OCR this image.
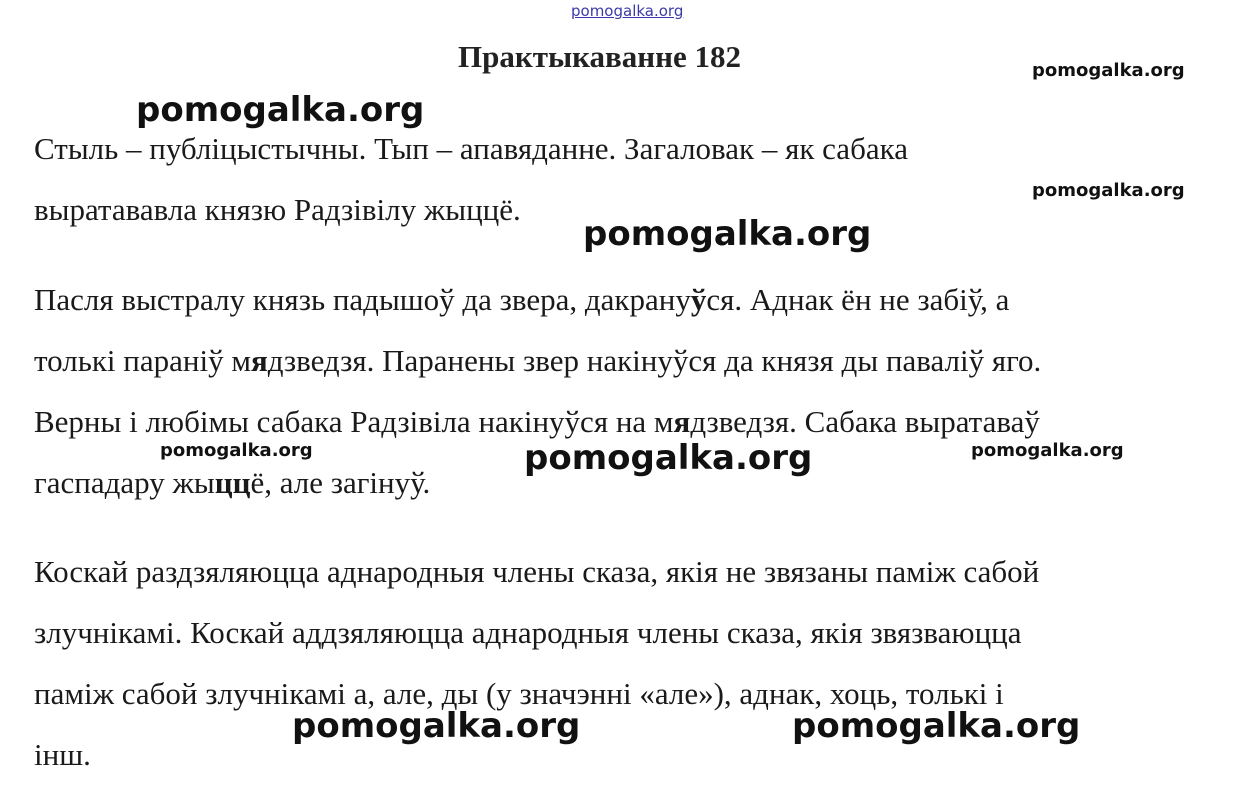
Практыкаванне 182
Стыль – публіцыстычны. Тып – апавяданне. Загаловак – як сабака
выратававла князю Радзівілу жыццё.
Пасля выстралу князь падышоў да звера, дакрануўся. Аднак ён не забіў, а
толькі параніў мядзведзя. Паранены звер накінуўся да князя ды паваліў яго.
Верны і любімы сабака Радзівіла накінуўся на мядзведзя. Сабака выратаваў
гаспадару жыццё, але загінуў.
Коскай раздзяляюцца аднародныя члены сказа, якія не звязаны паміж сабой
злучнікамі. Коскай аддзяляюцца аднародныя члены сказа, якія звязваюцца
паміж сабой злучнікамі а, але, ды (у значэнні «але»), аднак, хоць, толькі і
інш.
pomogalka.org
pomogalka.org
pomogalka.org
pomogalka.org
pomogalka.org
pomogalka.org	pomogalka.org	pomogalka.org
pomogalka.org	pomogalka.org
